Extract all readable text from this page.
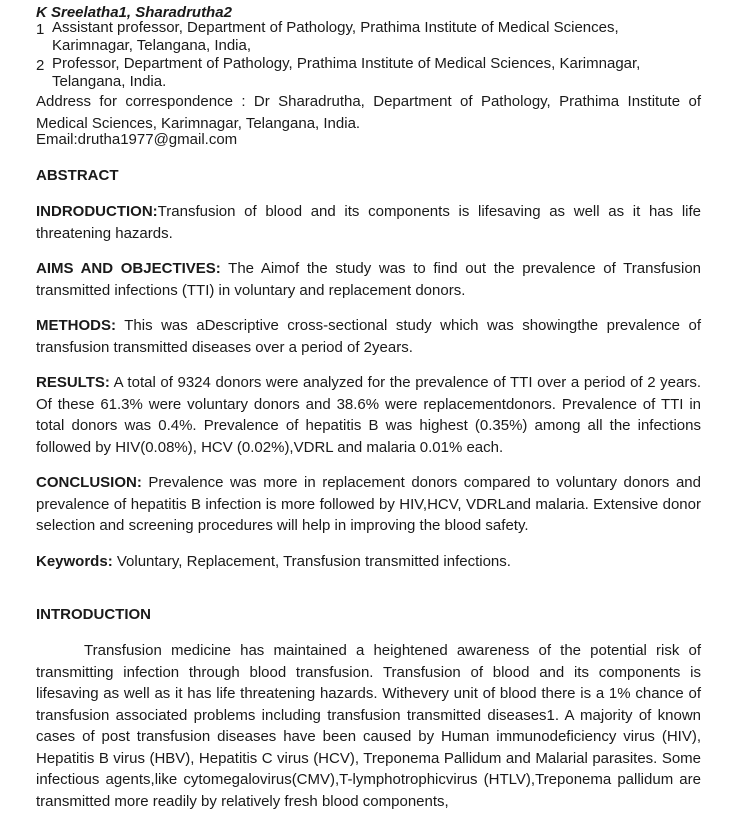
K Sreelatha1, Sharadrutha2

1 Assistant professor, Department of Pathology, Prathima Institute of Medical Sciences, Karimnagar, Telangana, India,
2 Professor, Department of Pathology, Prathima Institute of Medical Sciences, Karimnagar, Telangana, India.

Address for correspondence : Dr Sharadrutha, Department of Pathology, Prathima Institute of Medical Sciences, Karimnagar, Telangana, India.

Email:drutha1977@gmail.com

ABSTRACT

INDRODUCTION:Transfusion of blood and its components is lifesaving as well as it has life threatening hazards.

AIMS AND OBJECTIVES: The Aimof the study was to find out the prevalence of Transfusion transmitted infections (TTI) in voluntary and replacement donors.

METHODS: This was aDescriptive cross-sectional study which was showingthe prevalence of transfusion transmitted diseases over a period of 2years.

RESULTS: A total of 9324 donors were analyzed for the prevalence of TTI over a period of 2 years. Of these 61.3% were voluntary donors and 38.6% were replacementdonors. Prevalence of TTI in total donors was 0.4%. Prevalence of hepatitis B was highest (0.35%) among all the infections followed by HIV(0.08%), HCV (0.02%),VDRL and malaria 0.01% each.

CONCLUSION: Prevalence was more in replacement donors compared to voluntary donors and prevalence of hepatitis B infection is more followed by HIV,HCV, VDRLand malaria. Extensive donor selection and screening procedures will help in improving the blood safety.

Keywords: Voluntary, Replacement, Transfusion transmitted infections.

INTRODUCTION

Transfusion medicine has maintained a heightened awareness of the potential risk of transmitting infection through blood transfusion. Transfusion of blood and its components is lifesaving as well as it has life threatening hazards. Withevery unit of blood there is a 1% chance of transfusion associated problems including transfusion transmitted diseases1. A majority of known cases of post transfusion diseases have been caused by Human immunodeficiency virus (HIV), Hepatitis B virus (HBV), Hepatitis C virus (HCV), Treponema Pallidum and Malarial parasites. Some infectious agents,like cytomegalovirus(CMV),T-lymphotrophicvirus (HTLV),Treponema pallidum are transmitted more readily by relatively fresh blood components,
